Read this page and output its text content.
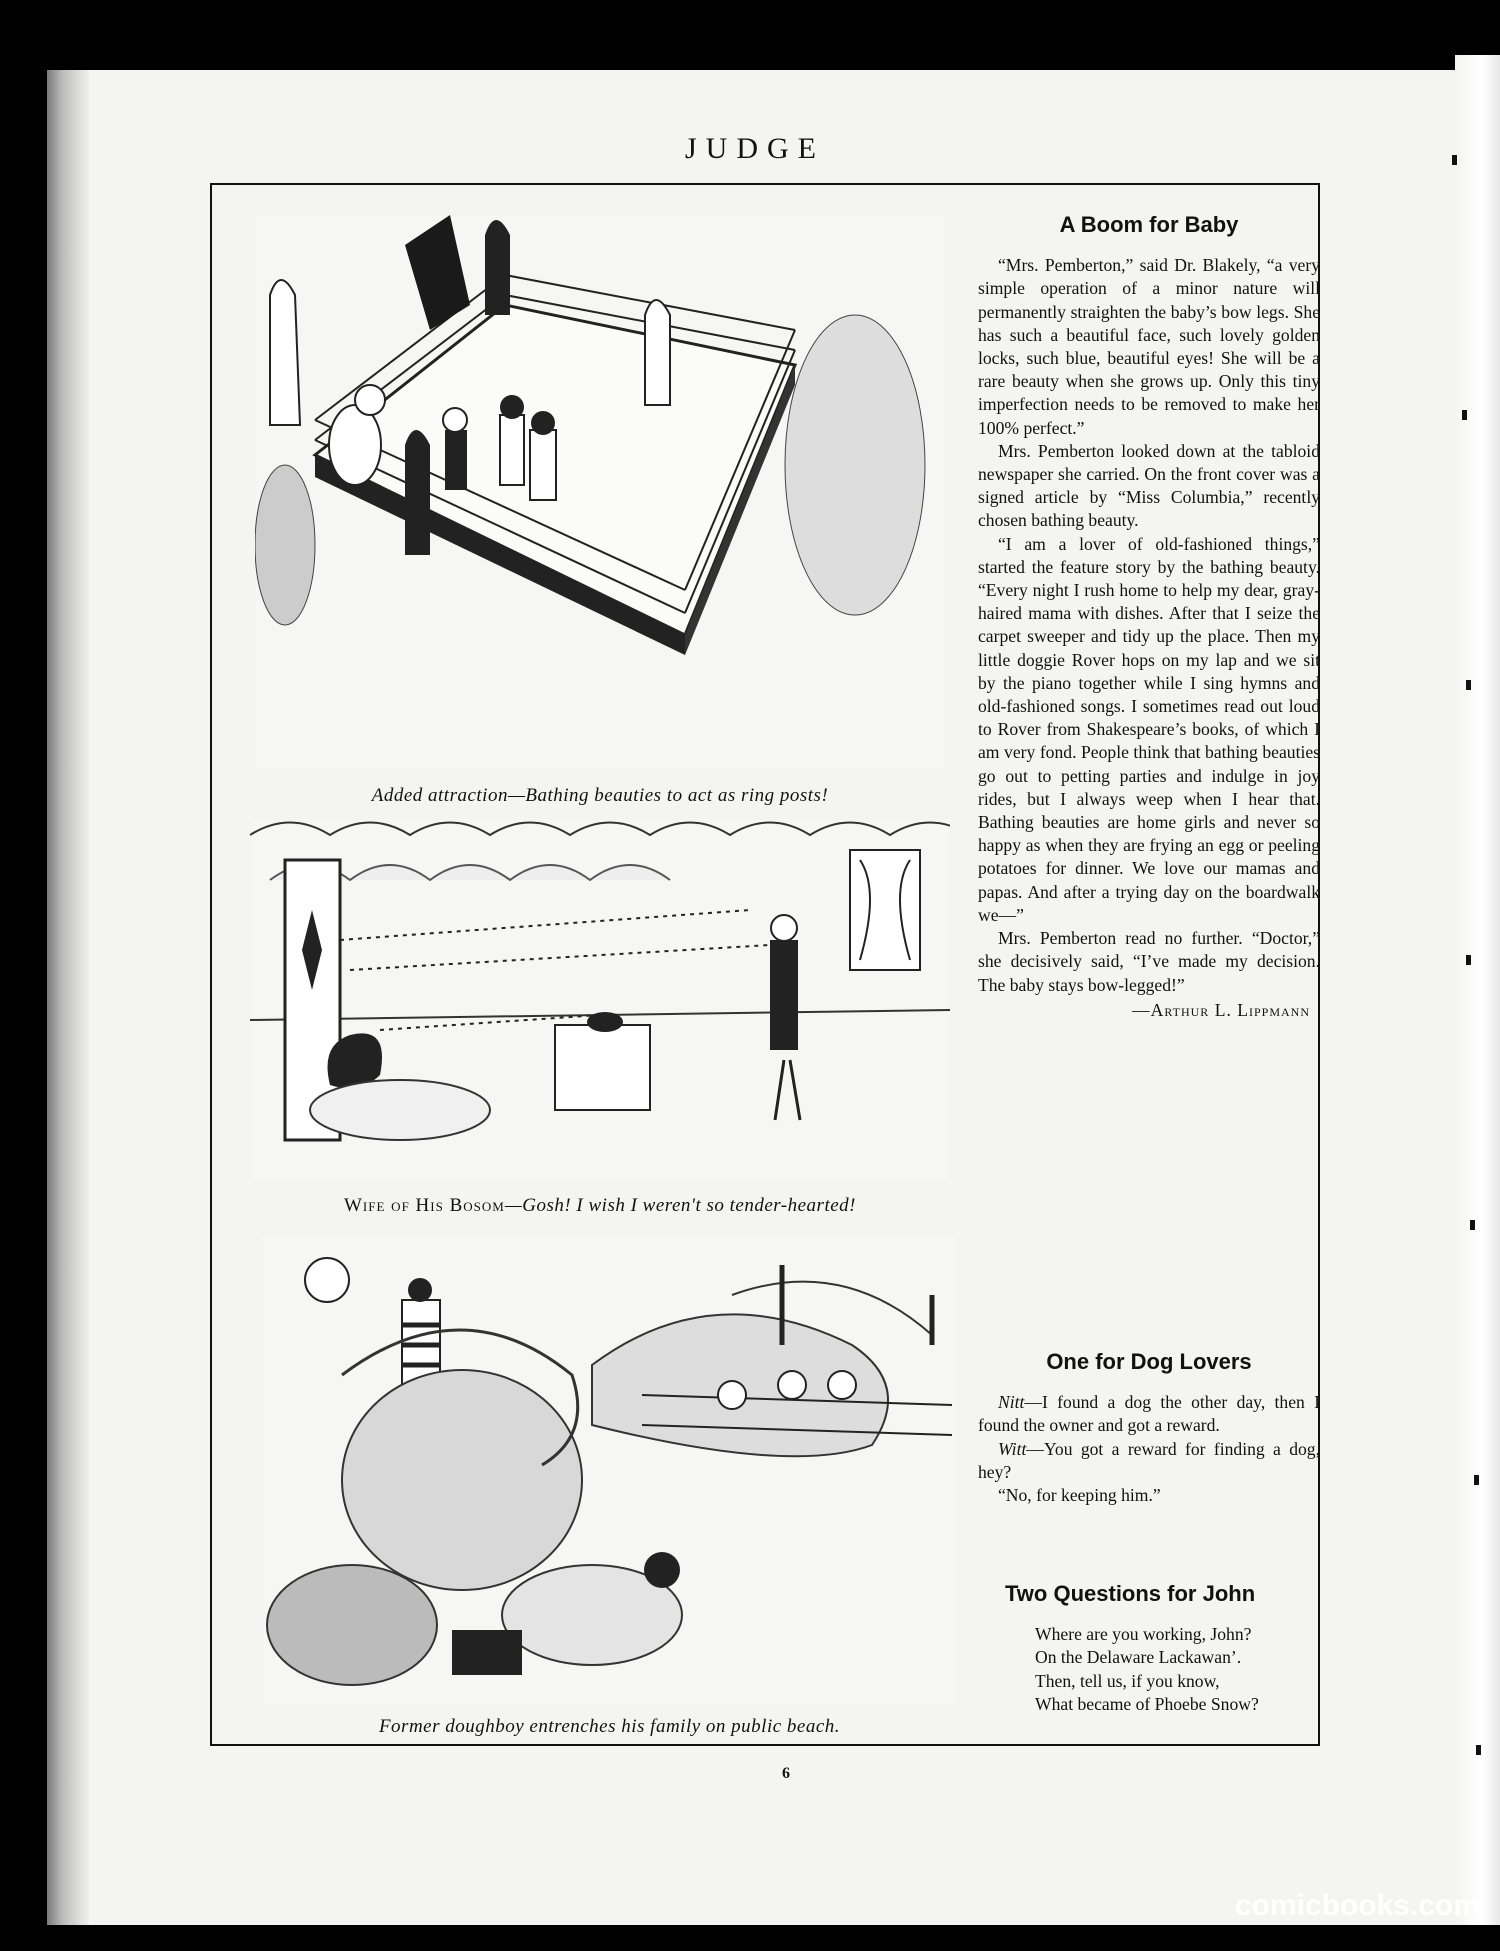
JUDGE
Added attraction—Bathing beauties to act as ring posts!
Wife of His Bosom—Gosh! I wish I weren't so tender-hearted!
Former doughboy entrenches his family on public beach.
A Boom for Baby

“Mrs. Pemberton,” said Dr. Blakely, “a very simple operation of a minor nature will permanently straighten the baby’s bow legs. She has such a beautiful face, such lovely golden locks, such blue, beautiful eyes! She will be a rare beauty when she grows up. Only this tiny imperfection needs to be removed to make her 100% perfect.”

Mrs. Pemberton looked down at the tabloid newspaper she carried. On the front cover was a signed article by “Miss Columbia,” recently chosen bathing beauty.

“I am a lover of old-fashioned things,” started the feature story by the bathing beauty. “Every night I rush home to help my dear, gray-haired mama with dishes. After that I seize the carpet sweeper and tidy up the place. Then my little doggie Rover hops on my lap and we sit by the piano together while I sing hymns and old-fashioned songs. I sometimes read out loud to Rover from Shakespeare’s books, of which I am very fond. People think that bathing beauties go out to petting parties and indulge in joy rides, but I always weep when I hear that. Bathing beauties are home girls and never so happy as when they are frying an egg or peeling potatoes for dinner. We love our mamas and papas. And after a trying day on the boardwalk we—”

Mrs. Pemberton read no further. “Doctor,” she decisively said, “I’ve made my decision. The baby stays bow-legged!”

—Arthur L. Lippmann
One for Dog Lovers

Nitt—I found a dog the other day, then I found the owner and got a reward.

Witt—You got a reward for finding a dog, hey?

“No, for keeping him.”

Two Questions for John

Where are you working, John?

On the Delaware Lackawan’.

Then, tell us, if you know,

What became of Phoebe Snow?

6
comicbooks.com
